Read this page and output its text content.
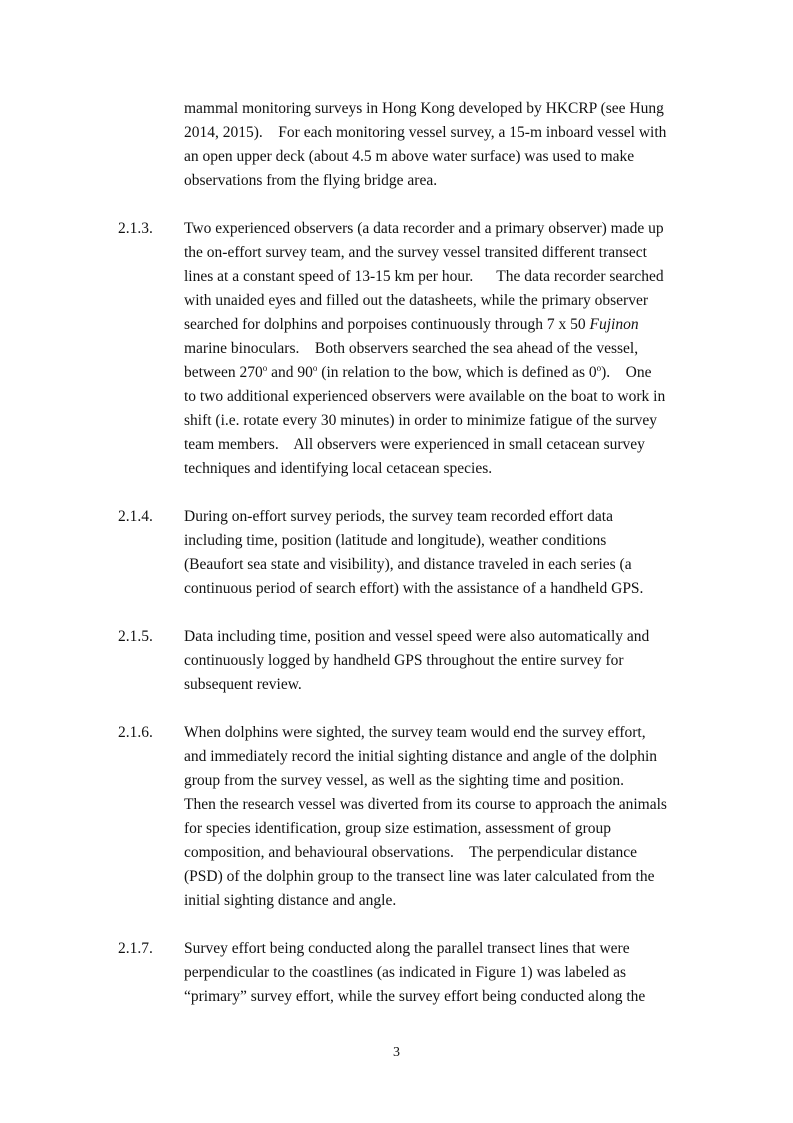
mammal monitoring surveys in Hong Kong developed by HKCRP (see Hung
2014, 2015).    For each monitoring vessel survey, a 15-m inboard vessel with
an open upper deck (about 4.5 m above water surface) was used to make
observations from the flying bridge area.
2.1.3. Two experienced observers (a data recorder and a primary observer) made up
the on-effort survey team, and the survey vessel transited different transect
lines at a constant speed of 13-15 km per hour.      The data recorder searched
with unaided eyes and filled out the datasheets, while the primary observer
searched for dolphins and porpoises continuously through 7 x 50 Fujinon
marine binoculars.    Both observers searched the sea ahead of the vessel,
between 270$^o$ and 90$^o$ (in relation to the bow, which is defined as 0$^o$).    One
to two additional experienced observers were available on the boat to work in
shift (i.e. rotate every 30 minutes) in order to minimize fatigue of the survey
team members.    All observers were experienced in small cetacean survey
techniques and identifying local cetacean species.
2.1.4. During on-effort survey periods, the survey team recorded effort data
including time, position (latitude and longitude), weather conditions
(Beaufort sea state and visibility), and distance traveled in each series (a
continuous period of search effort) with the assistance of a handheld GPS.
2.1.5. Data including time, position and vessel speed were also automatically and
continuously logged by handheld GPS throughout the entire survey for
subsequent review.
2.1.6. When dolphins were sighted, the survey team would end the survey effort,
and immediately record the initial sighting distance and angle of the dolphin
group from the survey vessel, as well as the sighting time and position.
Then the research vessel was diverted from its course to approach the animals
for species identification, group size estimation, assessment of group
composition, and behavioural observations.    The perpendicular distance
(PSD) of the dolphin group to the transect line was later calculated from the
initial sighting distance and angle.
2.1.7. Survey effort being conducted along the parallel transect lines that were
perpendicular to the coastlines (as indicated in Figure 1) was labeled as
“primary” survey effort, while the survey effort being conducted along the
3
